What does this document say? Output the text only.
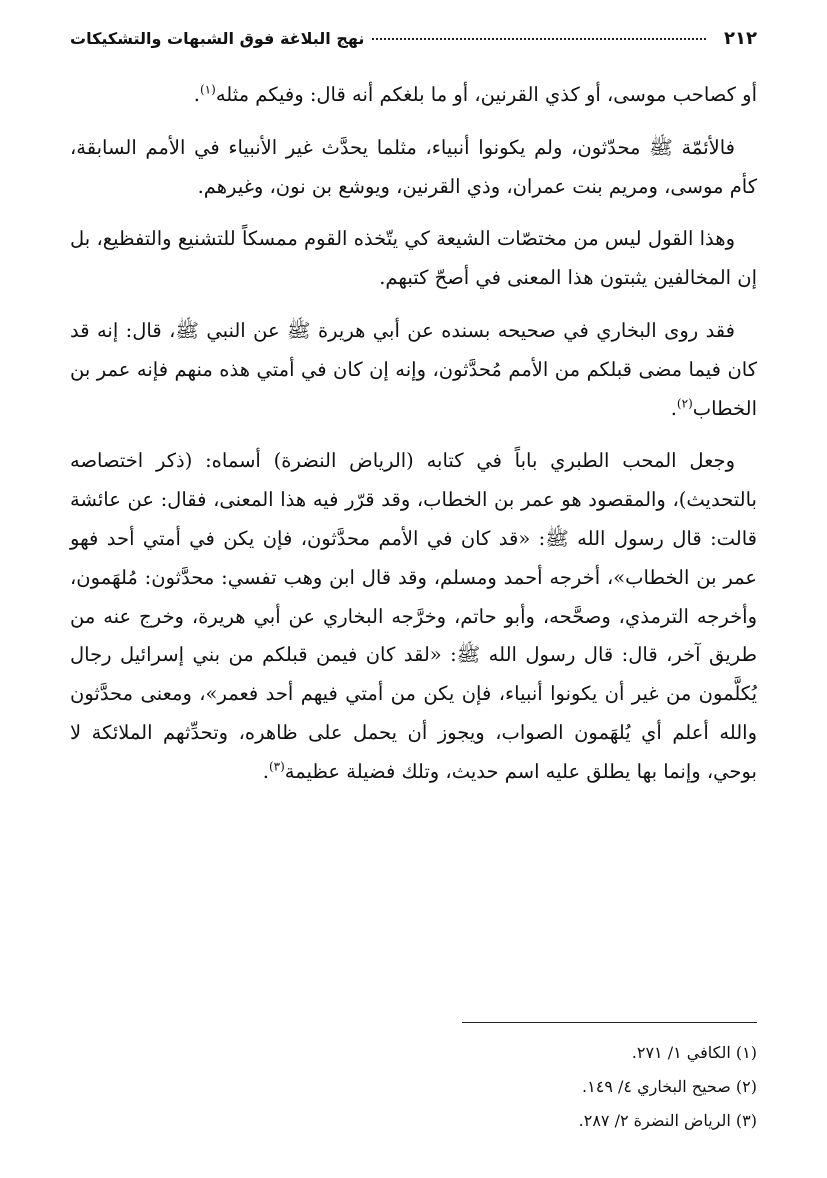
٢١٢
نهج البلاغة فوق الشبهات والتشكيكات

أو كصاحب موسى، أو كذي القرنين، أو ما بلغكم أنه قال: وفيكم مثله$^{(١)}$.

فالأئمّة ﷺ محدّثون، ولم يكونوا أنبياء، مثلما يحدَّث غير الأنبياء في الأمم السابقة، كأم موسى، ومريم بنت عمران، وذي القرنين، ويوشع بن نون، وغيرهم.

وهذا القول ليس من مختصّات الشيعة كي يتّخذه القوم ممسكاً للتشنيع والتفظيع، بل إن المخالفين يثبتون هذا المعنى في أصحّ كتبهم.

فقد روى البخاري في صحيحه بسنده عن أبي هريرة ﷺ عن النبي ﷺ، قال: إنه قد كان فيما مضى قبلكم من الأمم مُحدَّثون، وإنه إن كان في أمتي هذه منهم فإنه عمر بن الخطاب$^{(٢)}$.

وجعل المحب الطبري باباً في كتابه (الرياض النضرة) أسماه: (ذكر اختصاصه بالتحديث)، والمقصود هو عمر بن الخطاب، وقد قرّر فيه هذا المعنى، فقال: عن عائشة قالت: قال رسول الله ﷺ: «قد كان في الأمم محدَّثون، فإن يكن في أمتي أحد فهو عمر بن الخطاب»، أخرجه أحمد ومسلم، وقد قال ابن وهب تفسي: محدَّثون: مُلهَمون، وأخرجه الترمذي، وصحَّحه، وأبو حاتم، وخرَّجه البخاري عن أبي هريرة، وخرج عنه من طريق آخر، قال: قال رسول الله ﷺ: «لقد كان فيمن قبلكم من بني إسرائيل رجال يُكلَّمون من غير أن يكونوا أنبياء، فإن يكن من أمتي فيهم أحد فعمر»، ومعنى محدَّثون والله أعلم أي يُلهَمون الصواب، ويجوز أن يحمل على ظاهره، وتحدِّثهم الملائكة لا بوحي، وإنما بها يطلق عليه اسم حديث، وتلك فضيلة عظيمة$^{(٣)}$.

(١) الكافي ١/ ٢٧١.
(٢) صحيح البخاري ٤/ ١٤٩.
(٣) الرياض النضرة ٢/ ٢٨٧.
